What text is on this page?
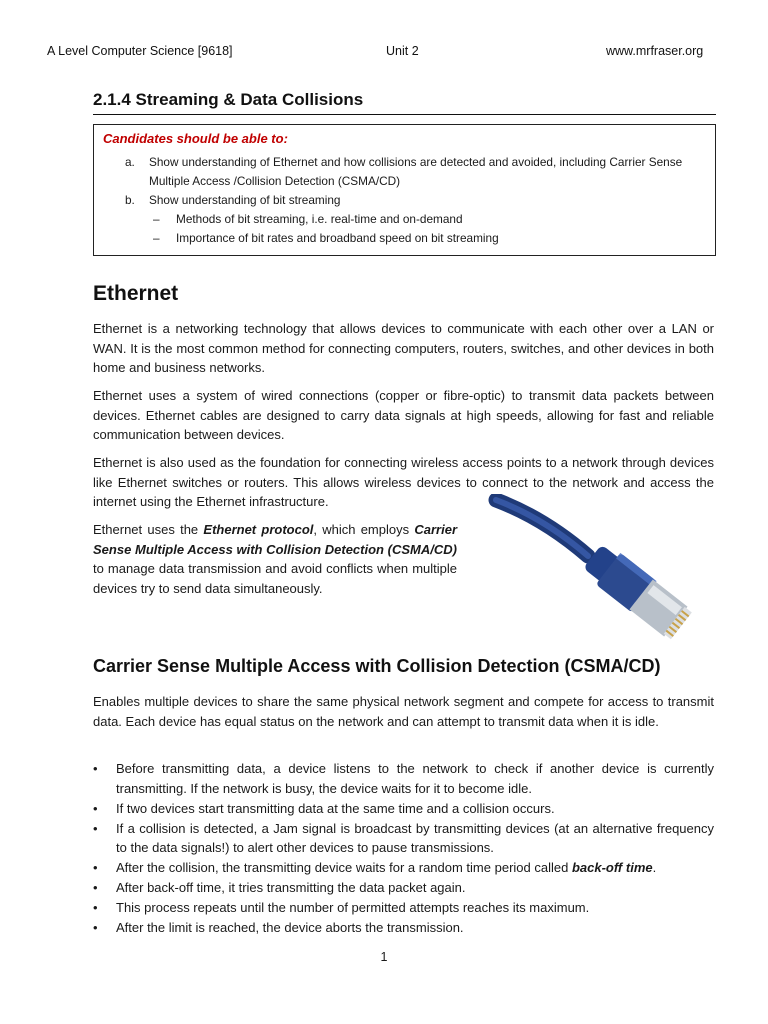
A Level Computer Science [9618]	Unit 2	www.mrfraser.org
2.1.4 Streaming & Data Collisions
Candidates should be able to:
a.	Show understanding of Ethernet and how collisions are detected and avoided, including Carrier Sense Multiple Access /Collision Detection (CSMA/CD)
b.	Show understanding of bit streaming
–	Methods of bit streaming, i.e. real-time and on-demand
–	Importance of bit rates and broadband speed on bit streaming
Ethernet

Ethernet is a networking technology that allows devices to communicate with each other over a LAN or WAN. It is the most common method for connecting computers, routers, switches, and other devices in both home and business networks.

Ethernet uses a system of wired connections (copper or fibre-optic) to transmit data packets between devices. Ethernet cables are designed to carry data signals at high speeds, allowing for fast and reliable communication between devices.

Ethernet is also used as the foundation for connecting wireless access points to a network through devices like Ethernet switches or routers. This allows wireless devices to connect to the network and access the internet using the Ethernet infrastructure.

Ethernet uses the Ethernet protocol, which employs Carrier Sense Multiple Access with Collision Detection (CSMA/CD) to manage data transmission and avoid conflicts when multiple devices try to send data simultaneously.

Carrier Sense Multiple Access with Collision Detection (CSMA/CD)

Enables multiple devices to share the same physical network segment and compete for access to transmit data. Each device has equal status on the network and can attempt to transmit data when it is idle.

• Before transmitting data, a device listens to the network to check if another device is currently transmitting. If the network is busy, the device waits for it to become idle.
• If two devices start transmitting data at the same time and a collision occurs.
• If a collision is detected, a Jam signal is broadcast by transmitting devices (at an alternative frequency to the data signals!) to alert other devices to pause transmissions.
• After the collision, the transmitting device waits for a random time period called back-off time.
• After back-off time, it tries transmitting the data packet again.
• This process repeats until the number of permitted attempts reaches its maximum.
• After the limit is reached, the device aborts the transmission.
1
